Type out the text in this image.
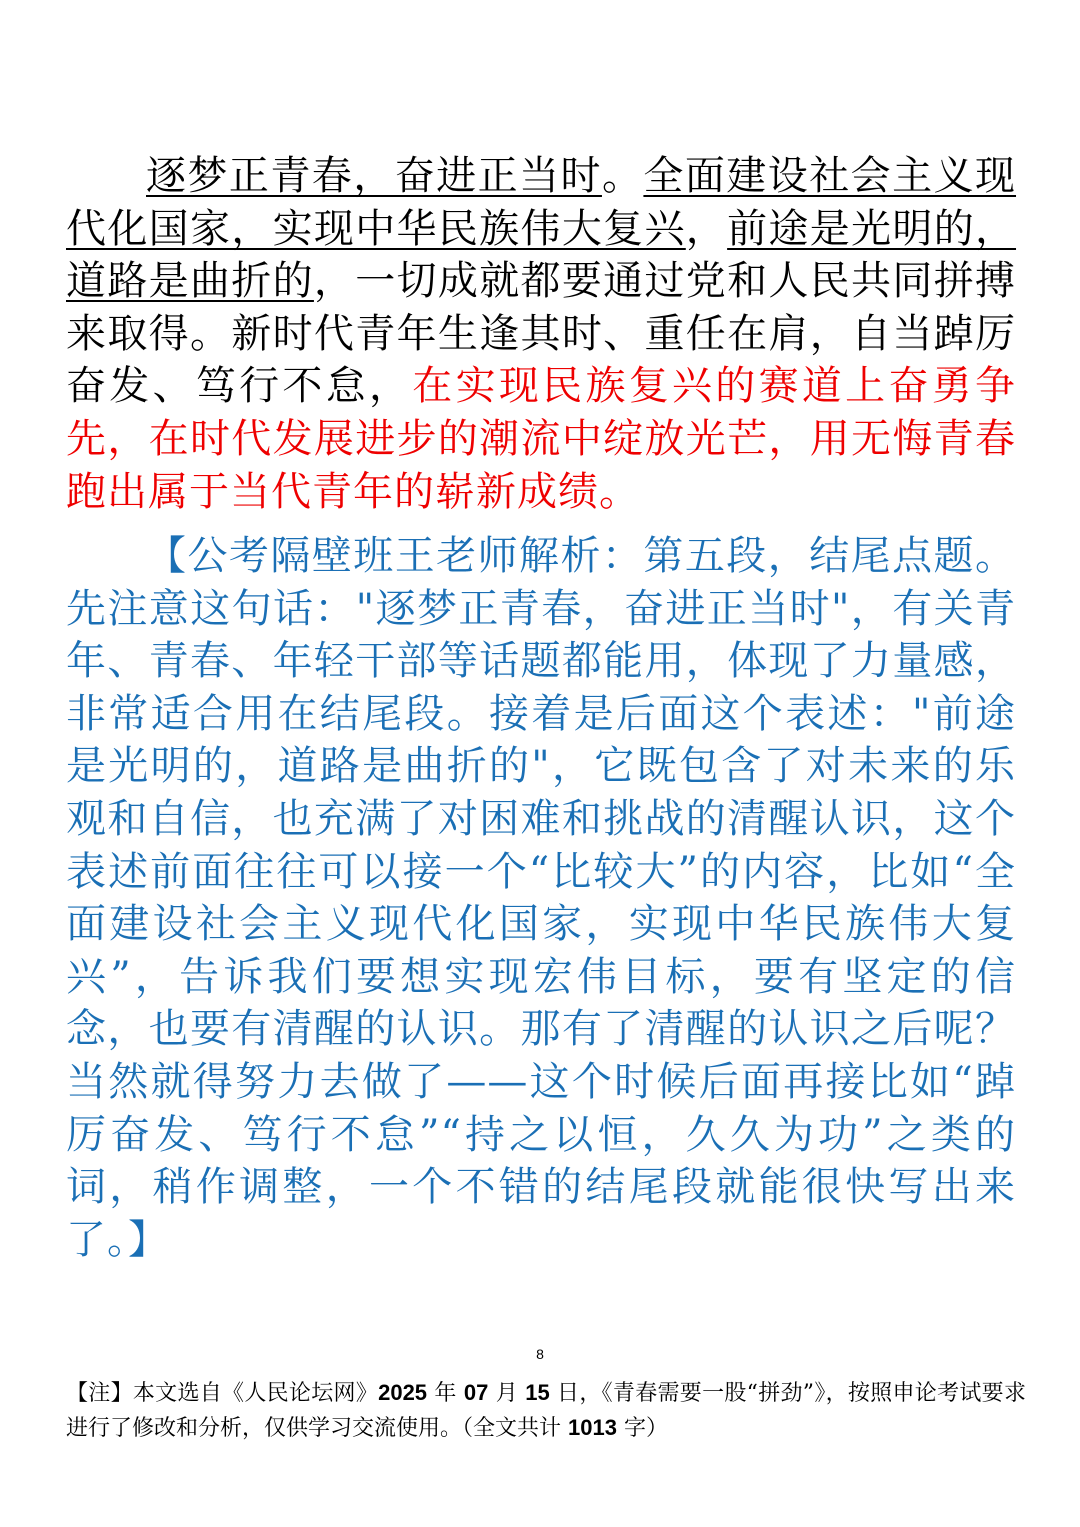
逐梦正青春，奋进正当时。全面建设社会主义现代化国家，实现中华民族伟大复兴，前途是光明的，道路是曲折的，一切成就都要通过党和人民共同拼搏来取得。新时代青年生逢其时、重任在肩，自当踔厉奋发、笃行不怠，在实现民族复兴的赛道上奋勇争先，在时代发展进步的潮流中绽放光芒，用无悔青春跑出属于当代青年的崭新成绩。
【公考隔壁班王老师解析：第五段，结尾点题。先注意这句话："逐梦正青春，奋进正当时"，有关青年、青春、年轻干部等话题都能用，体现了力量感，非常适合用在结尾段。接着是后面这个表述："前途是光明的，道路是曲折的"，它既包含了对未来的乐观和自信，也充满了对困难和挑战的清醒认识，这个表述前面往往可以接一个“比较大”的内容，比如“全面建设社会主义现代化国家，实现中华民族伟大复兴”，告诉我们要想实现宏伟目标，要有坚定的信念，也要有清醒的认识。那有了清醒的认识之后呢？当然就得努力去做了——这个时候后面再接比如“踔厉奋发、笃行不怠”“持之以恒，久久为功”之类的词，稍作调整，一个不错的结尾段就能很快写出来了。】
8
【注】本文选自《人民论坛网》2025 年 07 月 15 日，《青春需要一股“拼劲”》，按照申论考试要求进行了修改和分析，仅供学习交流使用。（全文共计 1013 字）
